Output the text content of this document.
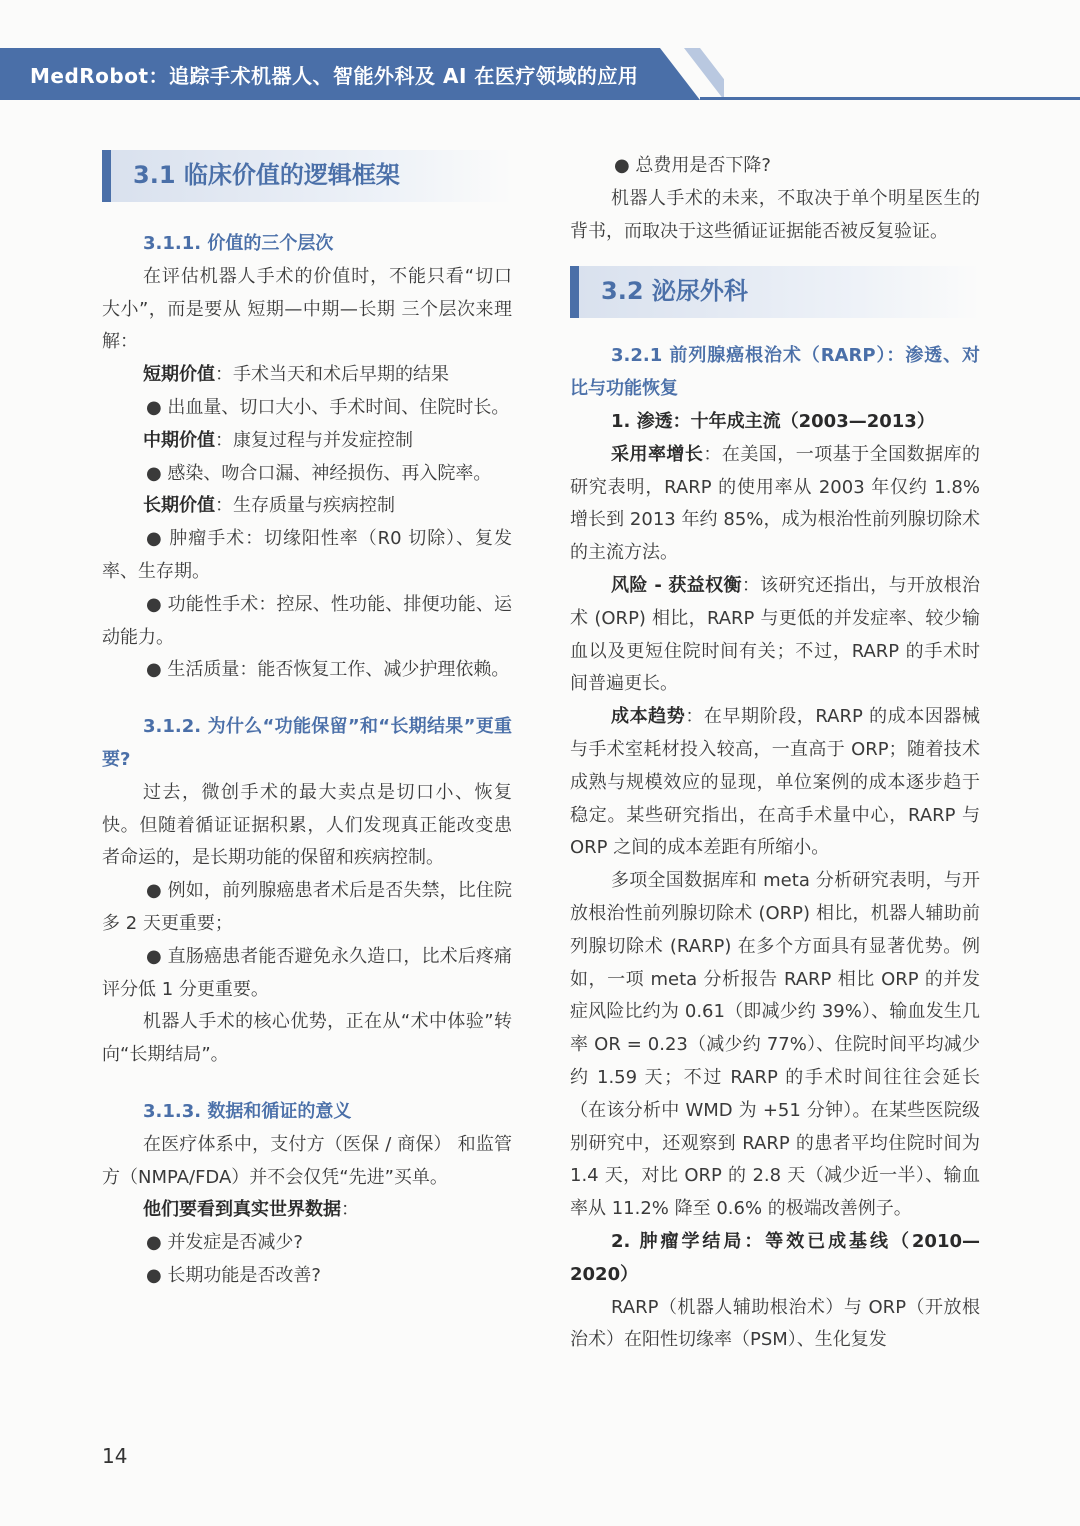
MedRobot：追踪手术机器人、智能外科及 AI 在医疗领域的应用
3.1 临床价值的逻辑框架
3.1.1. 价值的三个层次

在评估机器人手术的价值时，不能只看“切口大小”，而是要从 短期—中期—长期 三个层次来理解：

短期价值：手术当天和术后早期的结果

● 出血量、切口大小、手术时间、住院时长。

中期价值：康复过程与并发症控制

● 感染、吻合口漏、神经损伤、再入院率。

长期价值：生存质量与疾病控制

● 肿瘤手术：切缘阳性率（R0 切除）、复发率、生存期。

● 功能性手术：控尿、性功能、排便功能、运动能力。

● 生活质量：能否恢复工作、减少护理依赖。

3.1.2. 为什么“功能保留”和“长期结果”更重要?

过去，微创手术的最大卖点是切口小、恢复快。但随着循证证据积累，人们发现真正能改变患者命运的，是长期功能的保留和疾病控制。

● 例如，前列腺癌患者术后是否失禁，比住院多 2 天更重要；

● 直肠癌患者能否避免永久造口，比术后疼痛评分低 1 分更重要。

机器人手术的核心优势，正在从“术中体验”转向“长期结局”。

3.1.3. 数据和循证的意义

在医疗体系中，支付方（医保 / 商保） 和监管方（NMPA/FDA）并不会仅凭“先进”买单。

他们要看到真实世界数据：

● 并发症是否减少?

● 长期功能是否改善?

● 总费用是否下降?

机器人手术的未来，不取决于单个明星医生的背书，而取决于这些循证证据能否被反复验证。

3.2 泌尿外科

3.2.1 前列腺癌根治术（RARP）：渗透、对比与功能恢复

1. 渗透：十年成主流（2003—2013）

采用率增长：在美国，一项基于全国数据库的研究表明，RARP 的使用率从 2003 年仅约 1.8% 增长到 2013 年约 85%，成为根治性前列腺切除术的主流方法。

风险 - 获益权衡：该研究还指出，与开放根治术 (ORP) 相比，RARP 与更低的并发症率、较少输血以及更短住院时间有关；不过，RARP 的手术时间普遍更长。

成本趋势：在早期阶段，RARP 的成本因器械与手术室耗材投入较高，一直高于 ORP；随着技术成熟与规模效应的显现，单位案例的成本逐步趋于稳定。某些研究指出，在高手术量中心，RARP 与 ORP 之间的成本差距有所缩小。

多项全国数据库和 meta 分析研究表明，与开放根治性前列腺切除术 (ORP) 相比，机器人辅助前列腺切除术 (RARP) 在多个方面具有显著优势。例如，一项 meta 分析报告 RARP 相比 ORP 的并发症风险比约为 0.61（即减少约 39%）、输血发生几率 OR = 0.23（减少约 77%）、住院时间平均减少约 1.59 天；不过 RARP 的手术时间往往会延长（在该分析中 WMD 为 +51 分钟）。在某些医院级别研究中，还观察到 RARP 的患者平均住院时间为 1.4 天，对比 ORP 的 2.8 天（减少近一半）、输血率从 11.2% 降至 0.6% 的极端改善例子。

2. 肿瘤学结局：等效已成基线（2010—2020）

RARP（机器人辅助根治术）与 ORP（开放根治术）在阳性切缘率（PSM）、生化复发

14
